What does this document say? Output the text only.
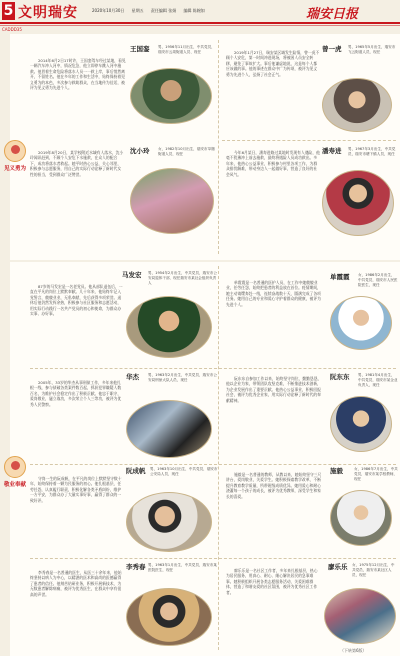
5 文明瑞安	2020年10月30日 星期五 责任编辑 张娟 编辑 陈婉如	瑞安日报
CADDD35
见义勇为

2014年6月2日17时许，王国銮驾车经过某地，看见一辆汽车冲入河中，情况危急，他立即停车跳入河中施救。他冒着生命危险将落水人员一一救上岸，事后悄然离开，不留姓名。他在多年的工作和生活中，始终保持着见义勇为的本色，多次参与救助群众，在当地传为佳话，被评为见义勇为先进个人。

王国銮 男，1956年11月出生，中共党员，瑞安市云周街道人员、现任

2019年8月20日，某学校附近水域有人落水，沈小玲闻讯赶到，不顾个人安危下水施救，在众人的配合下，成功将落水者救起。她平时热心公益，关心邻里，积极参与志愿服务，用自己的实际行动诠释了新时代女性的担当，受到群众广泛赞誉。

沈小玲 女，1982年10月出生，瑞安市莘塍街道人员，现任

2019年1月27日，瑞安某区域发生险情，曾一虎不顾个人安危，第一时间冲进现场，将被困人员安全转移，避免了事故扩大。事后他谦虚地说，这是每个人都应该做的事。他的事迹在群众中广为传颂，被评为见义勇为先进个人，弘扬了社会正气。

曾一虎 男，1965年5月出生，瑞安市飞云街道人员，现任

今年6月某日，潘寿进路过某地时发现有人遇险，他毫不犹豫冲上前去施救，最终将遇险人员成功救出。多年来，他热心公益事业，积极参与村里各项工作，为群众排忧解难，带动身边人一起做好事，营造了良好的社会风气。

潘寿进 男，1967年3月出生，中共党员，瑞安市塘下镇人员，现任
敬业奉献

87岁的马发宏是一名老党员。他从部队退伍后，一直在平凡的岗位上默默奉献。几十年来，他始终牢记入党誓言，兢兢业业，无私奉献，先后获得多项荣誉。退休后他仍然发挥余热，积极参与社区服务和志愿活动，用实际行动践行一名共产党员的初心和使命，为群众办实事、办好事。

马发宏 男，1954年2月出生，中共党员，瑞安市公安局退休干部，现任瑞安市某社会组织负责人	单霞霞是一名普通的医护人员，在工作中她兢兢业业，任劳任怨，始终把患者的利益放在首位。疫情期间，她主动请缨奔赴一线，连续奋战数十天，圆满完成了各项任务。她用自己的专业和爱心守护着群众的健康，被评为先进个人。

单霞霞 女，1986年2月出生，中共党员，瑞安市人民医院医生，现任

2005年，33岁的华杰从事刑侦工作，多年来他扎根一线，参与侦破各类案件数百起，抓获犯罪嫌疑人数百名，为维护社会稳定作出了积极贡献。他忠于职守，爱岗敬业，屡立战功，多次荣立个人三等功，被评为优秀人民警察。

华杰	男，1963年2月出生，中共党员，瑞安市公安局刑侦大队人员，现任	阮东东自参加工作以来，始终坚守岗位，勤勤恳恳，他以企业为家，带领团队攻坚克难，不断推进技术创新，为企业发展作出了重要贡献。他热心公益事业，积极回报社会，被评为优秀企业家，用实际行动诠释了新时代的奉献精神。

阮东东 男，1981年4月出生，中共党员，瑞安市某企业负责人，现任

守岗一生的阮成帆，在平凡的岗位上默默坚守数十年，始终保持着一颗为民服务的初心。他扎根基层，任劳任怨，认真履行职责，积极化解各类矛盾纠纷，维护一方平安，为群众办了大量实事好事，赢得了群众的一致好评。

阮成帆 男，1963年10月出生，中共党员，瑞安市公安局人员，现任	施毅是一名普通的教师，从教以来，她始终坚守三尺讲台，爱岗敬业，关爱学生。她积极探索教学改革，不断提升教育教学质量，所带班级成绩优异。她用爱心和耐心浇灌每一个孩子的成长，被评为优秀教师，深受学生和家长的喜爱。

施毅	女，1986年7月出生，中共党员，瑞安市某学校教师，现任

李秀春是一名普通的医生，从医三十余年来，他始终坚持以病人为中心，以精湛的医术和高尚的医德赢得了患者的信任。他刻苦钻研业务，积极开展新技术，为无数患者解除病痛，被评为优秀医生，在群众中享有很高的声誉。

李秀春 男，1963年1月出生，中共党员，瑞安市某医院医生，现任	廖乐乐是一名社区工作者，多年来扎根基层，热心为居民服务，用真心、耐心、细心解决居民的急事难事。她积极组织开展各类志愿服务活动，关爱困难群体，营造了和谐友爱的社区氛围，被评为优秀社区工作者。

廖乐乐 女，1975年12月出生，中共党员，瑞安市某社区人员，现任
（下转第6版）
